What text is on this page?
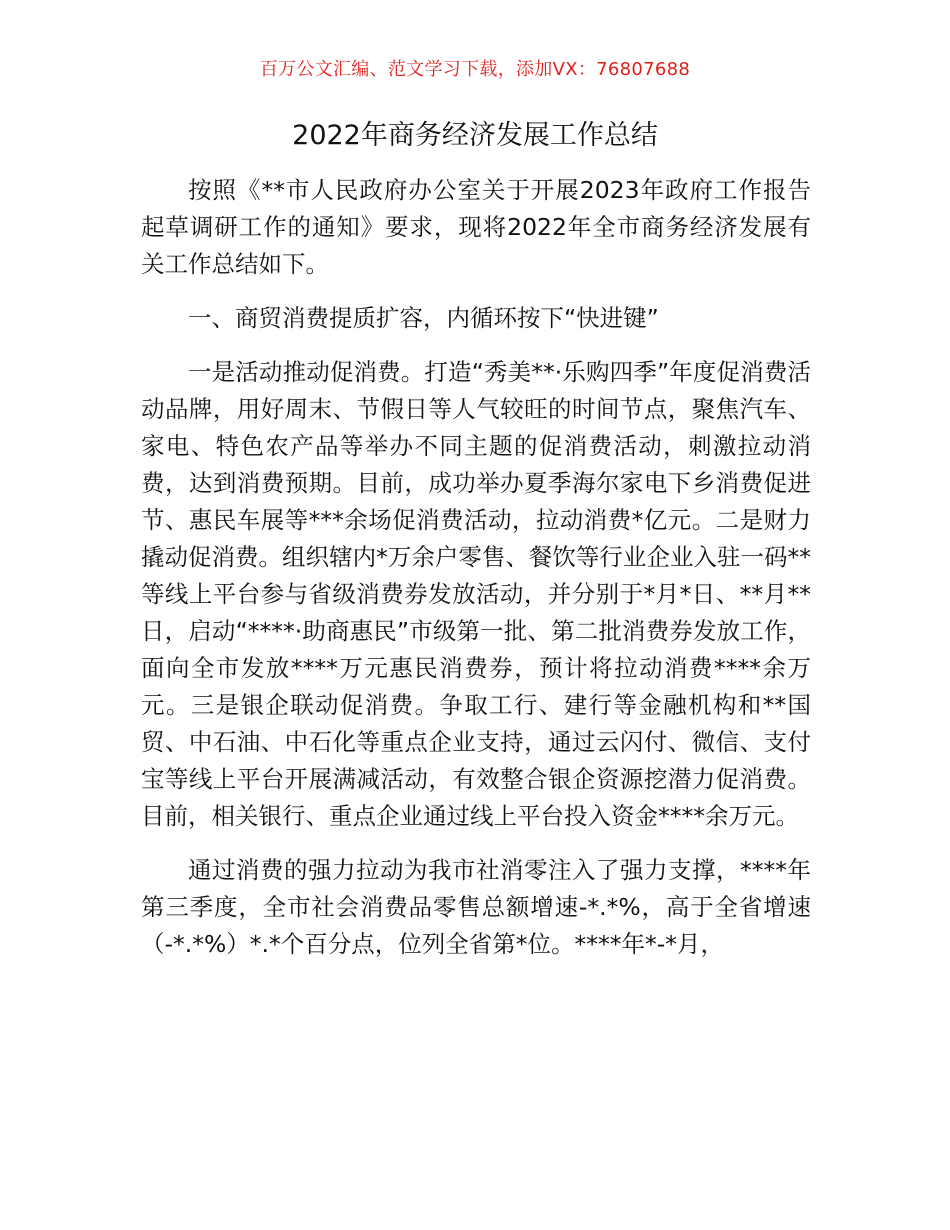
百万公文汇编、范文学习下载，添加VX：76807688
2022年商务经济发展工作总结

按照《**市人民政府办公室关于开展2023年政府工作报告起草调研工作的通知》要求，现将2022年全市商务经济发展有关工作总结如下。

一、商贸消费提质扩容，内循环按下“快进键”

一是活动推动促消费。打造“秀美**·乐购四季”年度促消费活动品牌，用好周末、节假日等人气较旺的时间节点，聚焦汽车、家电、特色农产品等举办不同主题的促消费活动，刺激拉动消费，达到消费预期。目前，成功举办夏季海尔家电下乡消费促进节、惠民车展等***余场促消费活动，拉动消费*亿元。二是财力撬动促消费。组织辖内*万余户零售、餐饮等行业企业入驻一码**等线上平台参与省级消费券发放活动，并分别于*月*日、**月**日，启动“****·助商惠民”市级第一批、第二批消费券发放工作，面向全市发放****万元惠民消费券，预计将拉动消费****余万元。三是银企联动促消费。争取工行、建行等金融机构和**国贸、中石油、中石化等重点企业支持，通过云闪付、微信、支付宝等线上平台开展满减活动，有效整合银企资源挖潜力促消费。目前，相关银行、重点企业通过线上平台投入资金****余万元。

通过消费的强力拉动为我市社消零注入了强力支撑，****年第三季度，全市社会消费品零售总额增速-*.*%，高于全省增速（-*.*%）*.*个百分点，位列全省第*位。****年*-*月，
